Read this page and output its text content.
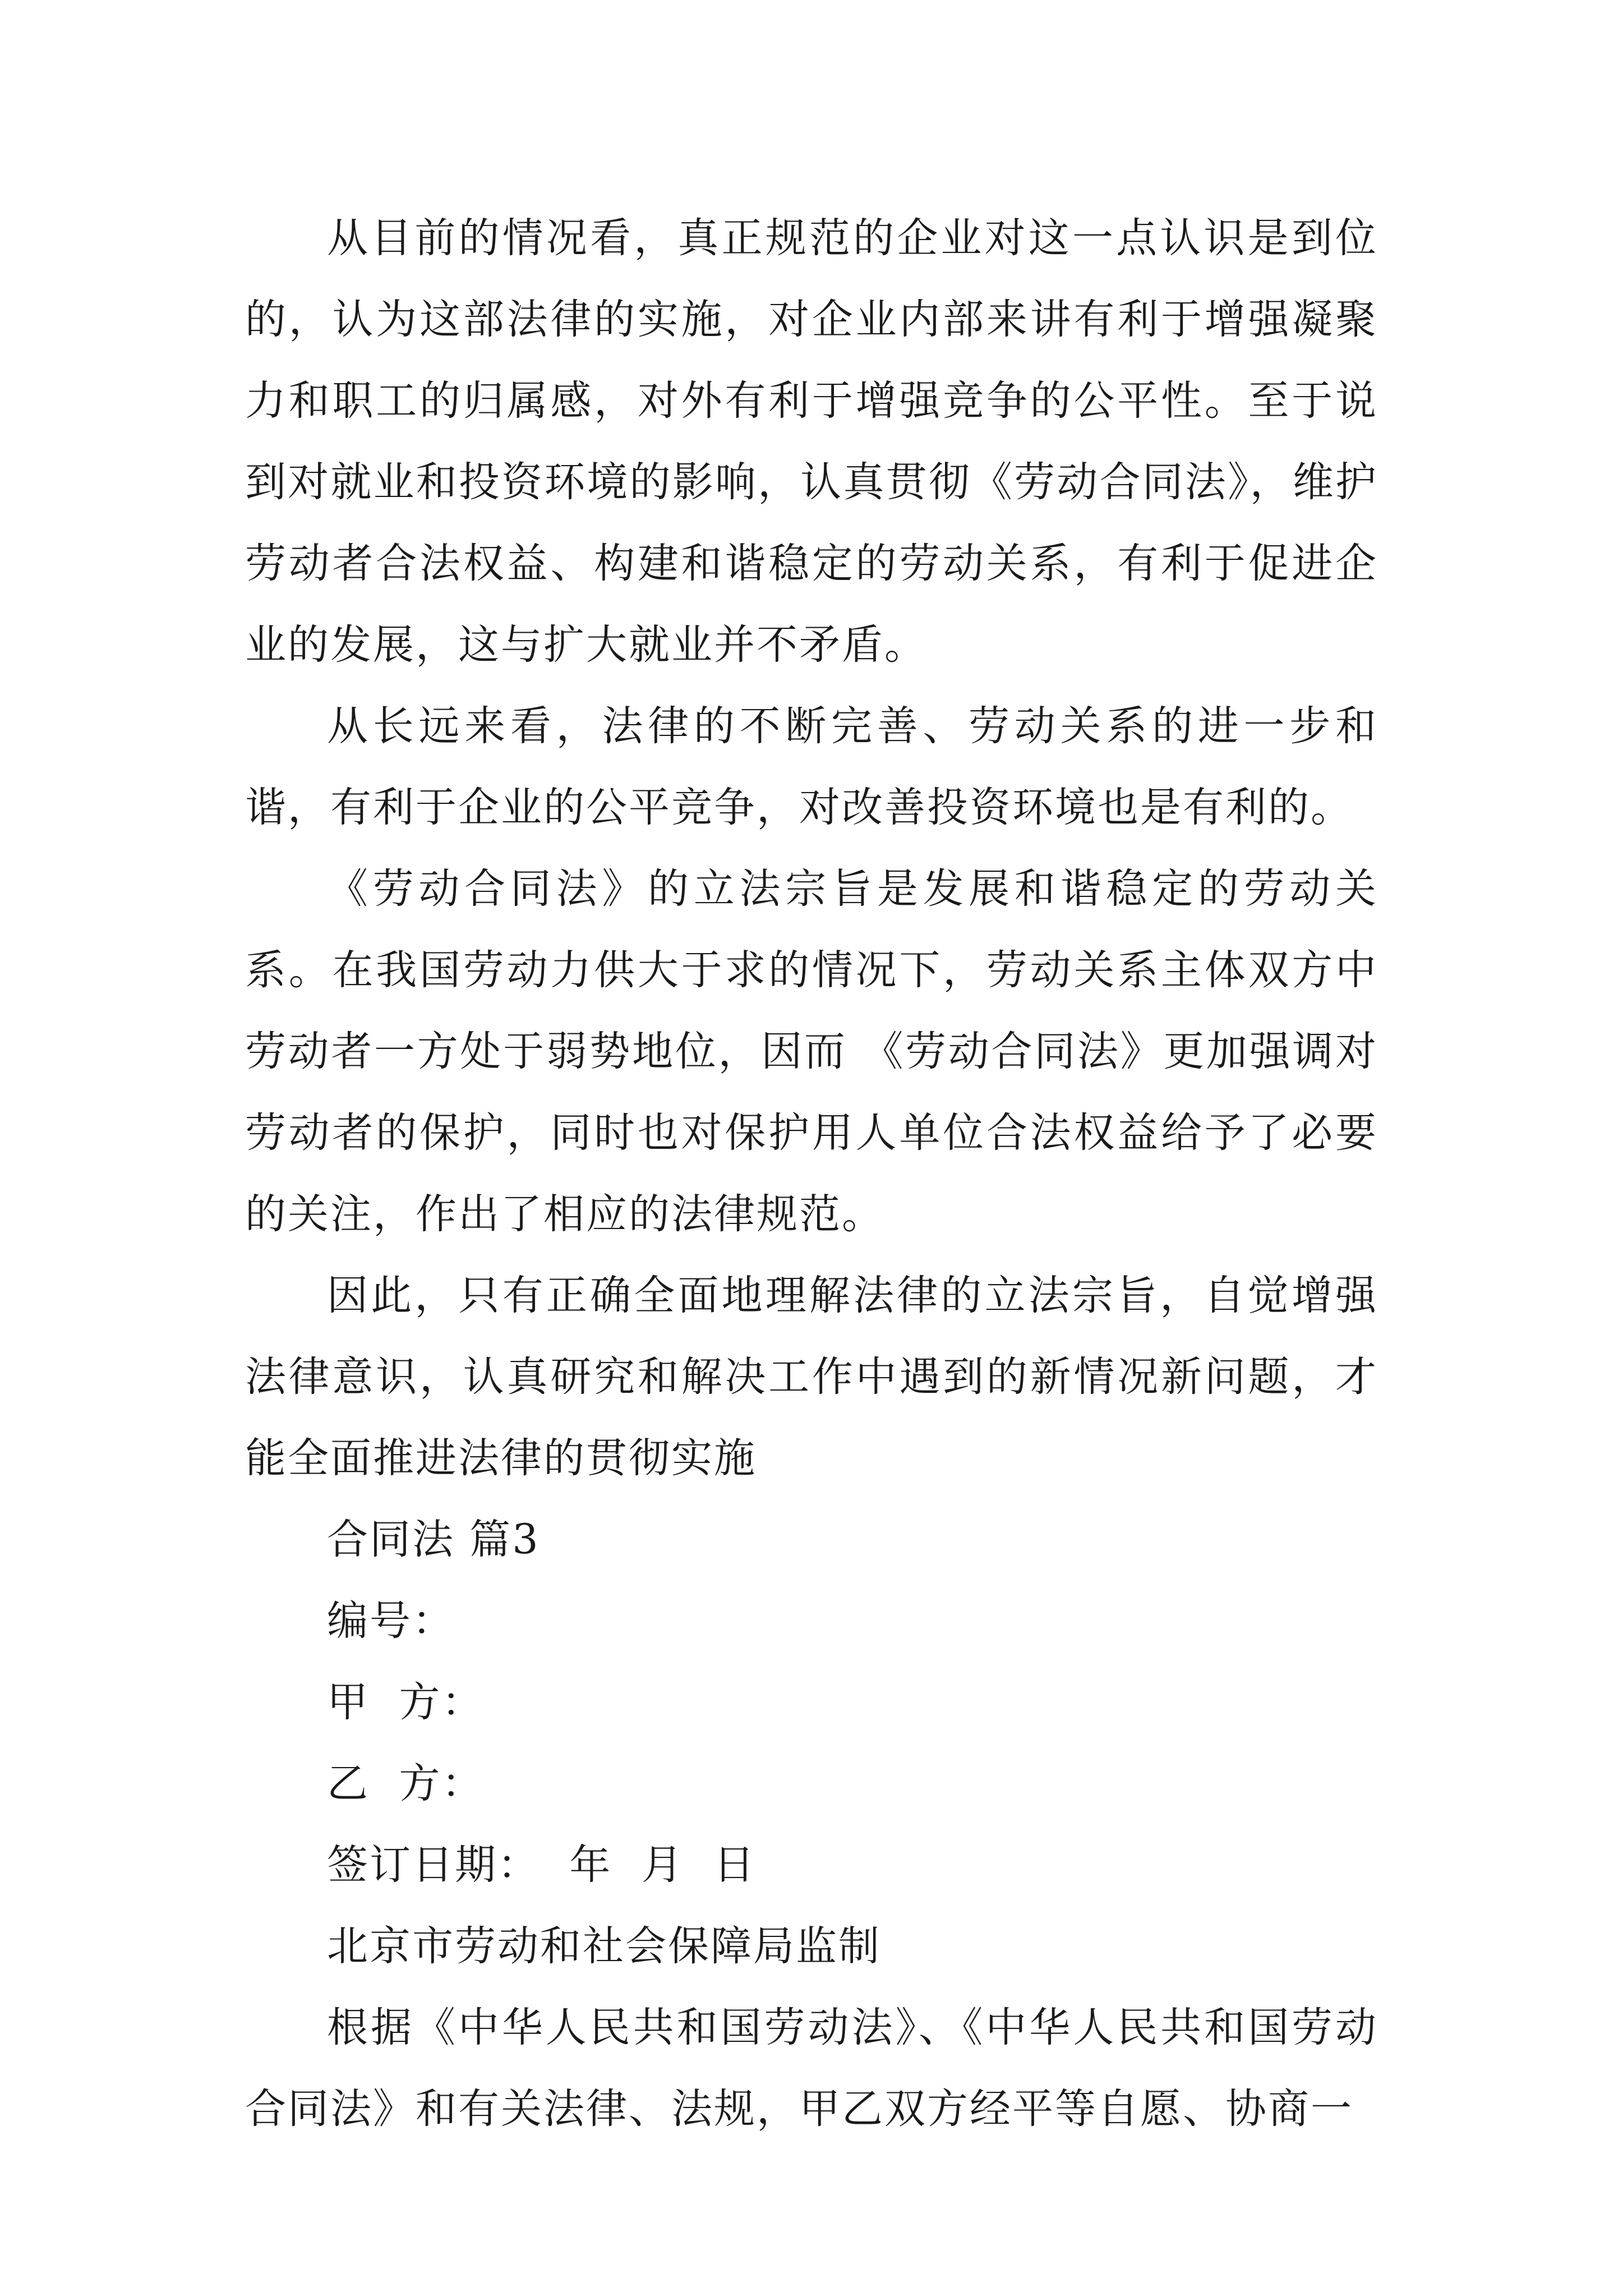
从目前的情况看，真正规范的企业对这一点认识是到位的，认为这部法律的实施，对企业内部来讲有利于增强凝聚力和职工的归属感，对外有利于增强竞争的公平性。至于说到对就业和投资环境的影响，认真贯彻《劳动合同法》，维护劳动者合法权益、构建和谐稳定的劳动关系，有利于促进企业的发展，这与扩大就业并不矛盾。

从长远来看，法律的不断完善、劳动关系的进一步和谐，有利于企业的公平竞争，对改善投资环境也是有利的。

《劳动合同法》的立法宗旨是发展和谐稳定的劳动关系。在我国劳动力供大于求的情况下，劳动关系主体双方中劳动者一方处于弱势地位，因而 《劳动合同法》更加强调对劳动者的保护，同时也对保护用人单位合法权益给予了必要的关注，作出了相应的法律规范。

因此，只有正确全面地理解法律的立法宗旨，自觉增强法律意识，认真研究和解决工作中遇到的新情况新问题，才能全面推进法律的贯彻实施

合同法 篇3

编号：

甲  方：

乙  方：

签订日期：  年  月  日

北京市劳动和社会保障局监制

根据《中华人民共和国劳动法》、《中华人民共和国劳动合同法》和有关法律、法规，甲乙双方经平等自愿、协商一
